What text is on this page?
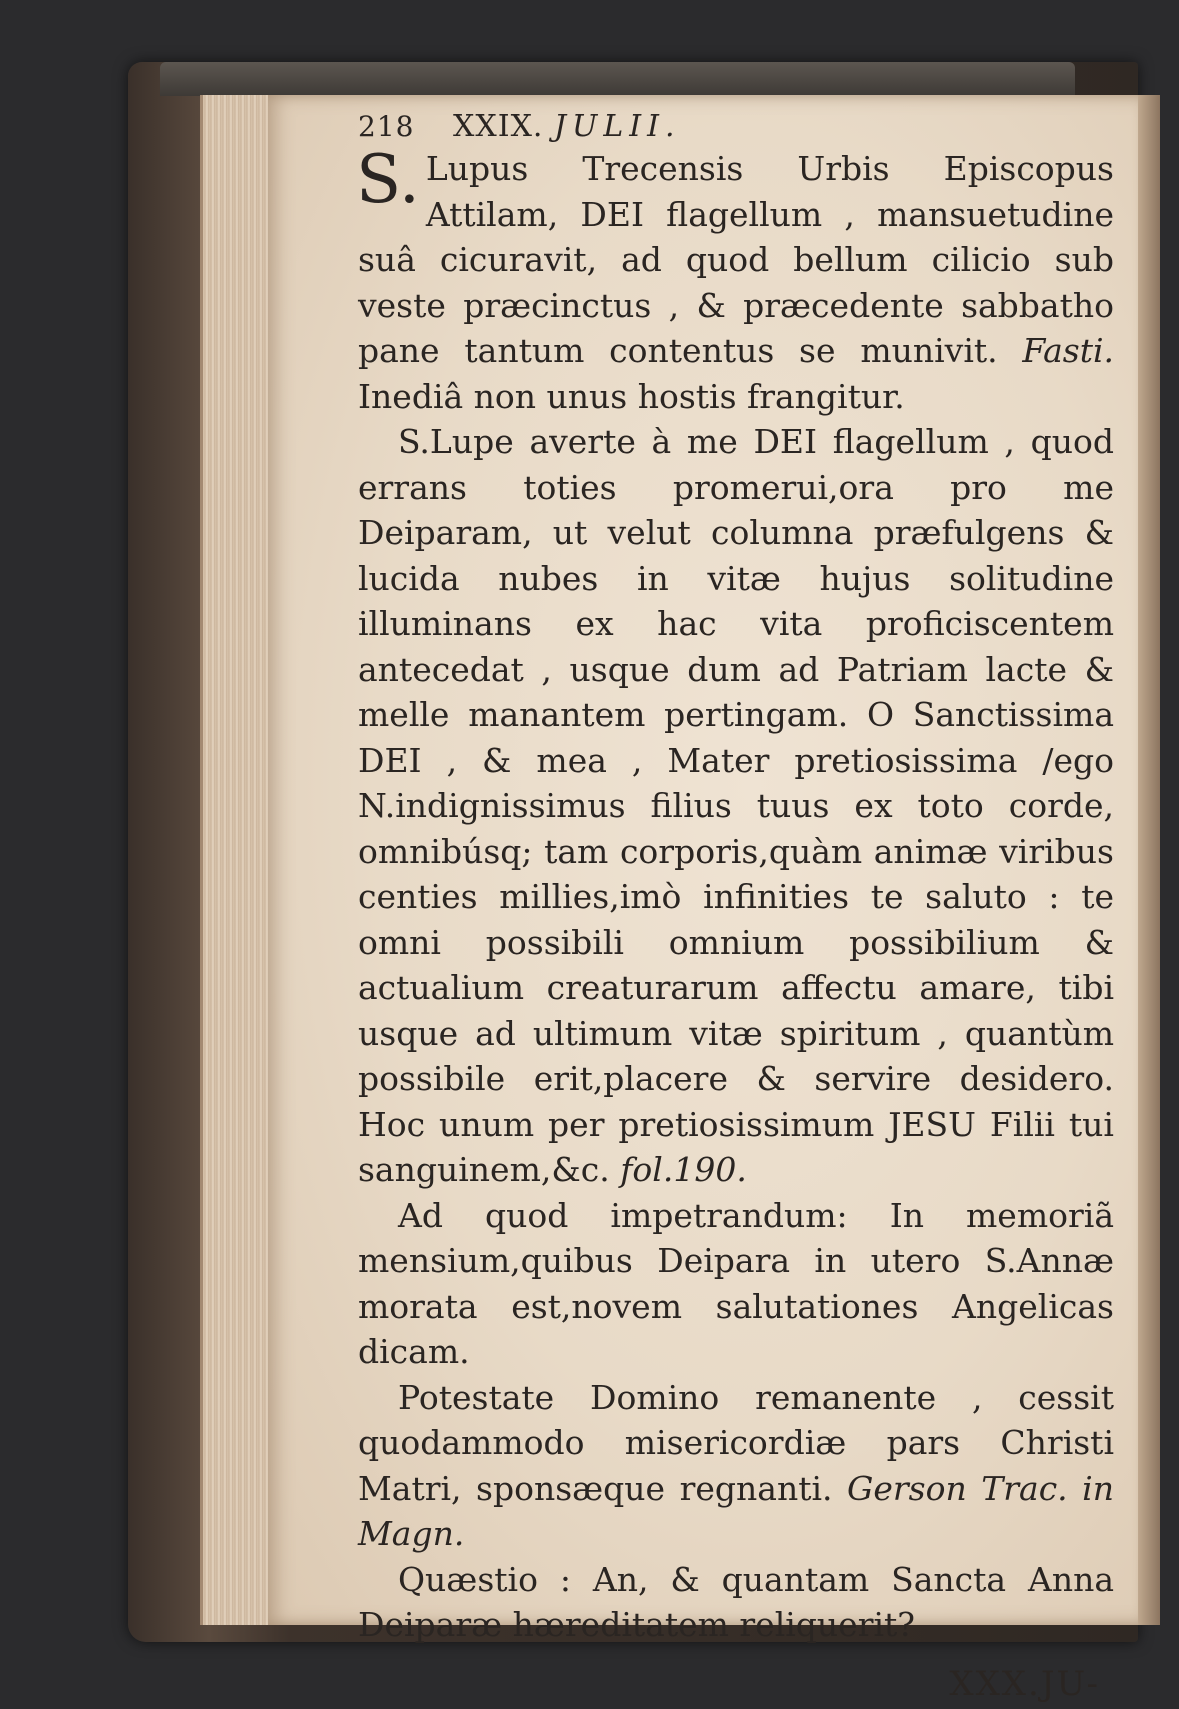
218	XXIX. JULII.

S. Lupus Trecensis Urbis Episcopus Attilam, DEI flagellum , mansuetudine suâ cicuravit, ad quod bellum cilicio sub veste præcinctus , & præcedente sabbatho pane tantum contentus se munivit. Fasti. Inediâ non unus hostis frangitur.

S.Lupe averte à me DEI flagellum , quod errans toties promerui,ora pro me Deiparam, ut velut columna præfulgens & lucida nubes in vitæ hujus solitudine illuminans ex hac vita proficiscentem antecedat , usque dum ad Patriam lacte & melle manantem pertingam. O Sanctissima DEI , & mea , Mater pretiosissima /ego N.indignissimus filius tuus ex toto corde, omnibúsq; tam corporis,quàm animæ viribus centies millies,imò infinities te saluto : te omni possibili omnium possibilium & actualium creaturarum affectu amare, tibi usque ad ultimum vitæ spiritum , quantùm possibile erit,placere & servire desidero. Hoc unum per pretiosissimum JESU Filii tui sanguinem,&c. fol.190.

Ad quod impetrandum: In memoriã mensium,quibus Deipara in utero S.Annæ morata est,novem salutationes Angelicas dicam.

Potestate Domino remanente , cessit quodammodo misericordiæ pars Christi Matri, sponsæque regnanti. Gerson Trac. in Magn.

Quæstio : An, & quantam Sancta Anna Deiparæ hæreditatem reliquerit?

XXX.JU-
